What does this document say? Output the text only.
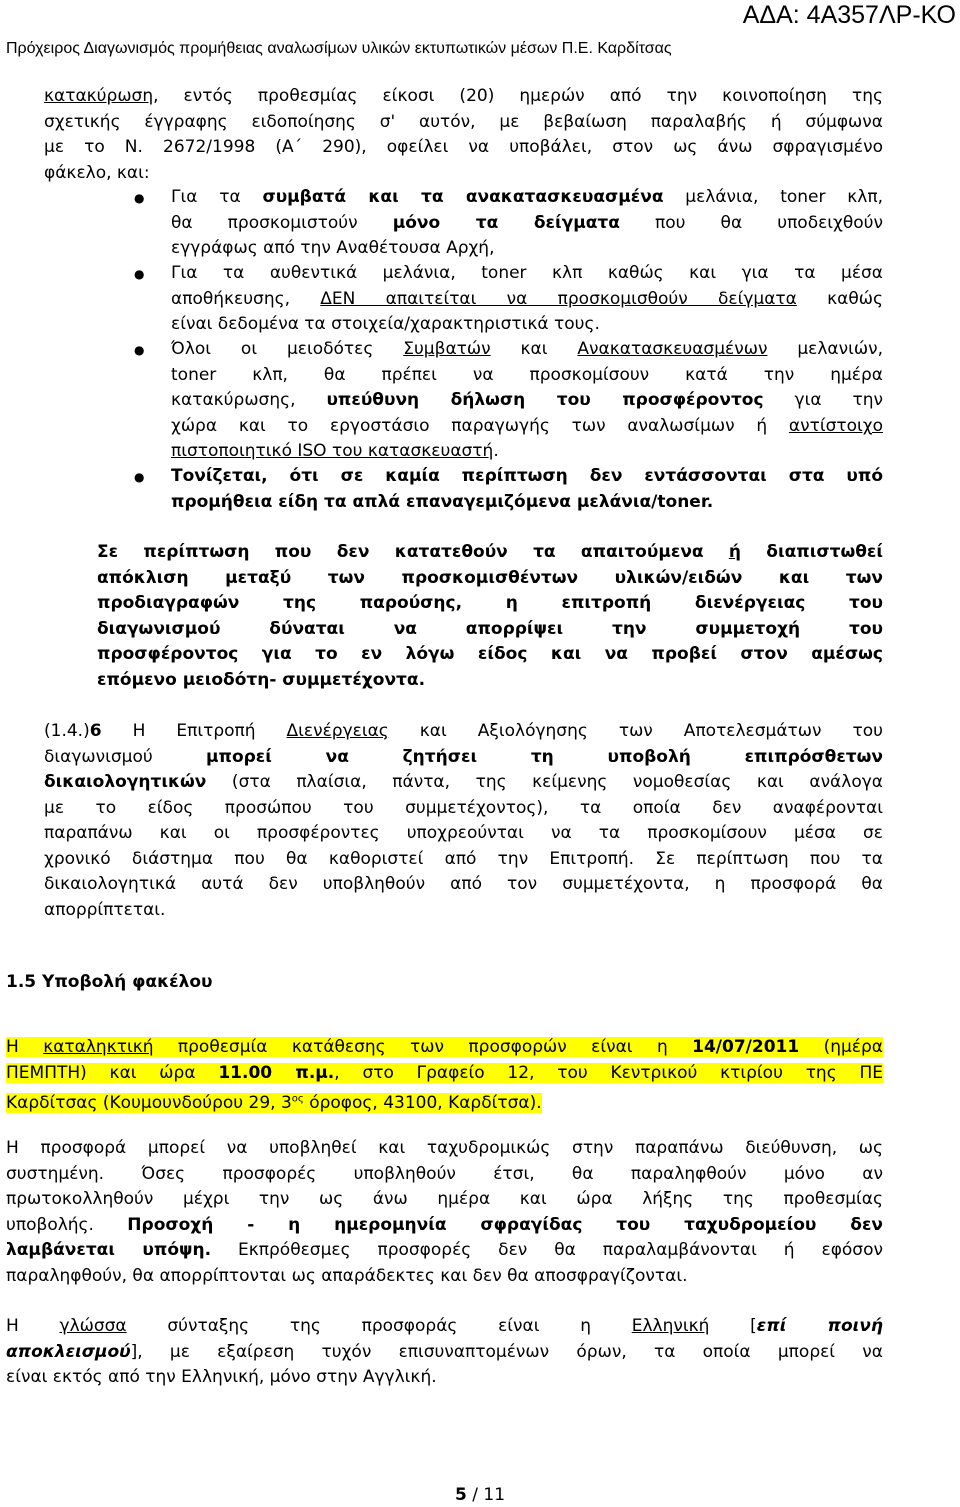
ΑΔΑ: 4Α357ΛΡ-ΚΟ
Πρόχειρος Διαγωνισμός προμήθειας αναλωσίμων υλικών εκτυπωτικών μέσων Π.Ε. Καρδίτσας
κατακύρωση, εντός προθεσμίας είκοσι (20) ημερών από την κοινοποίηση της
σχετικής έγγραφης ειδοποίησης σ' αυτόν, με βεβαίωση παραλαβής ή σύμφωνα
με το Ν. 2672/1998 (Α΄ 290), οφείλει να υποβάλει, στον ως άνω σφραγισμένο
φάκελο, και:
● Για τα συμβατά και τα ανακατασκευασμένα μελάνια, toner κλπ,
θα προσκομιστούν μόνο τα δείγματα που θα υποδειχθούν
εγγράφως από την Αναθέτουσα Αρχή,
● Για τα αυθεντικά μελάνια, toner κλπ καθώς και για τα μέσα
αποθήκευσης, ΔΕΝ απαιτείται να προσκομισθούν δείγματα καθώς
είναι δεδομένα τα στοιχεία/χαρακτηριστικά τους.
● Όλοι οι μειοδότες Συμβατών και Ανακατασκευασμένων μελανιών,
toner κλπ, θα πρέπει να προσκομίσουν κατά την ημέρα
κατακύρωσης, υπεύθυνη δήλωση του προσφέροντος για την
χώρα και το εργοστάσιο παραγωγής των αναλωσίμων ή αντίστοιχο
πιστοποιητικό ISO του κατασκευαστή.
● Τονίζεται, ότι σε καμία περίπτωση δεν εντάσσονται στα υπό
προμήθεια είδη τα απλά επαναγεμιζόμενα μελάνια/toner.
Σε περίπτωση που δεν κατατεθούν τα απαιτούμενα ή διαπιστωθεί
απόκλιση μεταξύ των προσκομισθέντων υλικών/ειδών και των
προδιαγραφών της παρούσης, η επιτροπή διενέργειας του
διαγωνισμού δύναται να απορρίψει την συμμετοχή του
προσφέροντος για το εν λόγω είδος και να προβεί στον αμέσως
επόμενο μειοδότη- συμμετέχοντα.
(1.4.)6 Η Επιτροπή Διενέργειας και Αξιολόγησης των Αποτελεσμάτων του
διαγωνισμού μπορεί να ζητήσει τη υποβολή επιπρόσθετων
δικαιολογητικών (στα πλαίσια, πάντα, της κείμενης νομοθεσίας και ανάλογα
με το είδος προσώπου του συμμετέχοντος), τα οποία δεν αναφέρονται
παραπάνω και οι προσφέροντες υποχρεούνται να τα προσκομίσουν μέσα σε
χρονικό διάστημα που θα καθοριστεί από την Επιτροπή. Σε περίπτωση που τα
δικαιολογητικά αυτά δεν υποβληθούν από τον συμμετέχοντα, η προσφορά θα
απορρίπτεται.
1.5 Υποβολή φακέλου
Η καταληκτική προθεσμία κατάθεσης των προσφορών είναι η 14/07/2011 (ημέρα
ΠΕΜΠΤΗ) και ώρα 11.00 π.μ., στο Γραφείο 12, του Κεντρικού κτιρίου της ΠΕ
Καρδίτσας (Κουμουνδούρου 29, $3^{o\varsigma}$ όροφος, 43100, Καρδίτσα).
Η προσφορά μπορεί να υποβληθεί και ταχυδρομικώς στην παραπάνω διεύθυνση, ως
συστημένη. Όσες προσφορές υποβληθούν έτσι, θα παραληφθούν μόνο αν
πρωτοκολληθούν μέχρι την ως άνω ημέρα και ώρα λήξης της προθεσμίας
υποβολής. Προσοχή - η ημερομηνία σφραγίδας του ταχυδρομείου δεν
λαμβάνεται υπόψη. Εκπρόθεσμες προσφορές δεν θα παραλαμβάνονται ή εφόσον
παραληφθούν, θα απορρίπτονται ως απαράδεκτες και δεν θα αποσφραγίζονται.
Η γλώσσα σύνταξης της προσφοράς είναι η Ελληνική [επί ποινή
αποκλεισμού], με εξαίρεση τυχόν επισυναπτομένων όρων, τα οποία μπορεί να
είναι εκτός από την Ελληνική, μόνο στην Αγγλική.
5 / 11
